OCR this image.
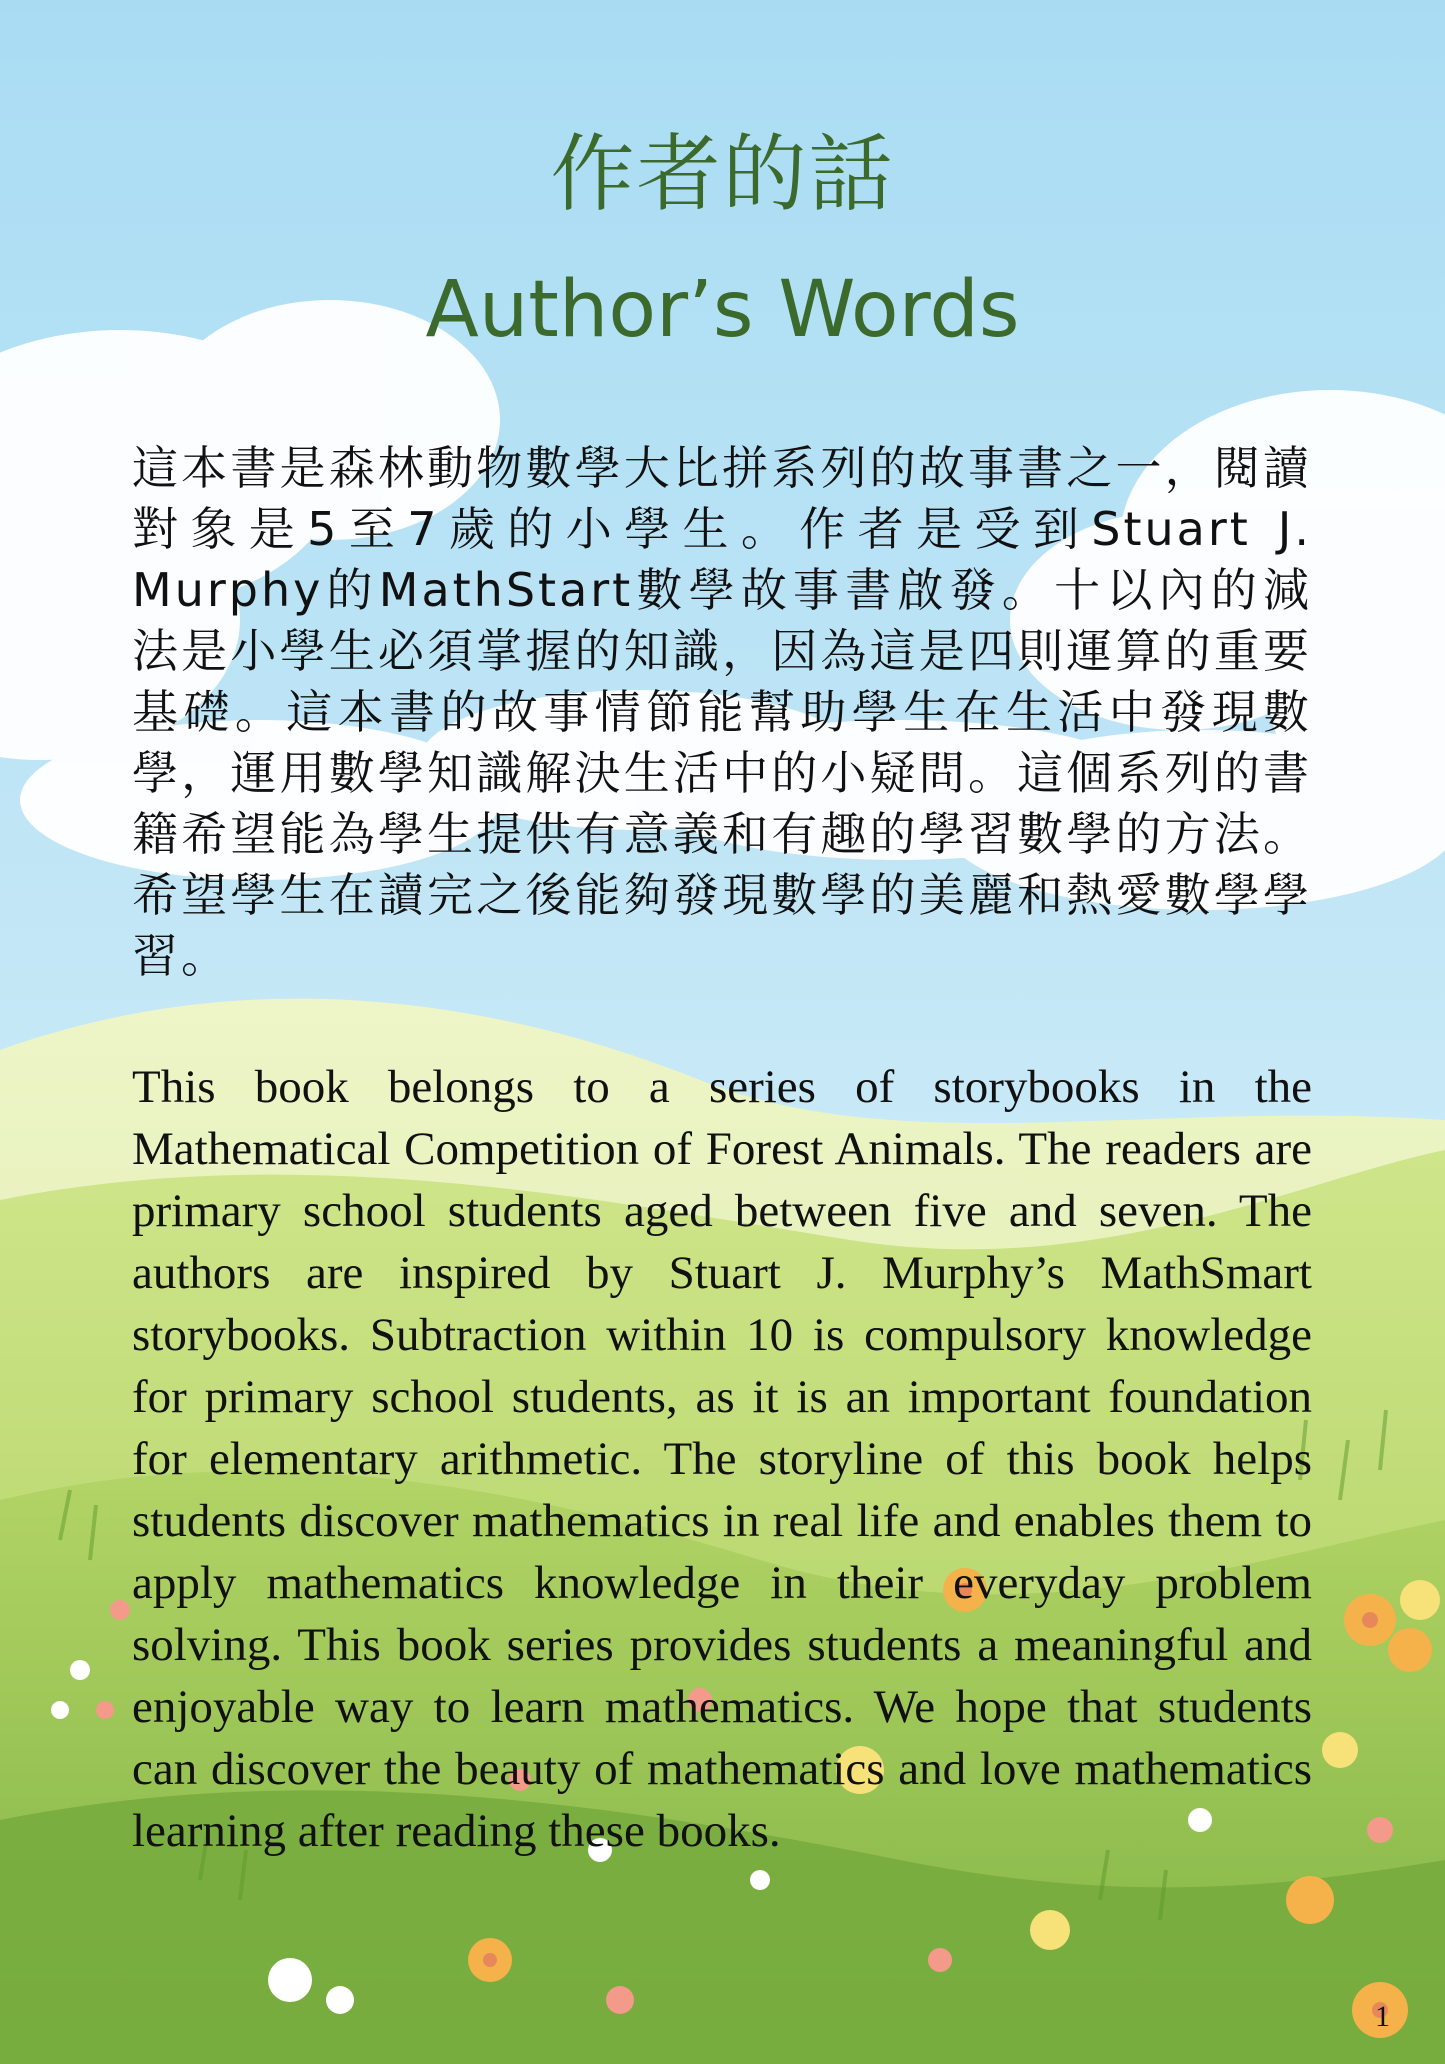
作者的話
Author’s Words

這本書是森林動物數學大比拼系列的故事書之一，閱讀對象是5至7歲的小學生。作者是受到Stuart J. Murphy的MathStart數學故事書啟發。十以內的減法是小學生必須掌握的知識，因為這是四則運算的重要基礎。這本書的故事情節能幫助學生在生活中發現數學，運用數學知識解決生活中的小疑問。這個系列的書籍希望能為學生提供有意義和有趣的學習數學的方法。希望學生在讀完之後能夠發現數學的美麗和熱愛數學學習。

This book belongs to a series of storybooks in the Mathematical Competition of Forest Animals. The readers are primary school students aged between five and seven. The authors are inspired by Stuart J. Murphy’s MathSmart storybooks. Subtraction within 10 is compulsory knowledge for primary school students, as it is an important foundation for elementary arithmetic. The storyline of this book helps students discover mathematics in real life and enables them to apply mathematics knowledge in their everyday problem solving. This book series provides students a meaningful and enjoyable way to learn mathematics. We hope that students can discover the beauty of mathematics and love mathematics learning after reading these books.

1
